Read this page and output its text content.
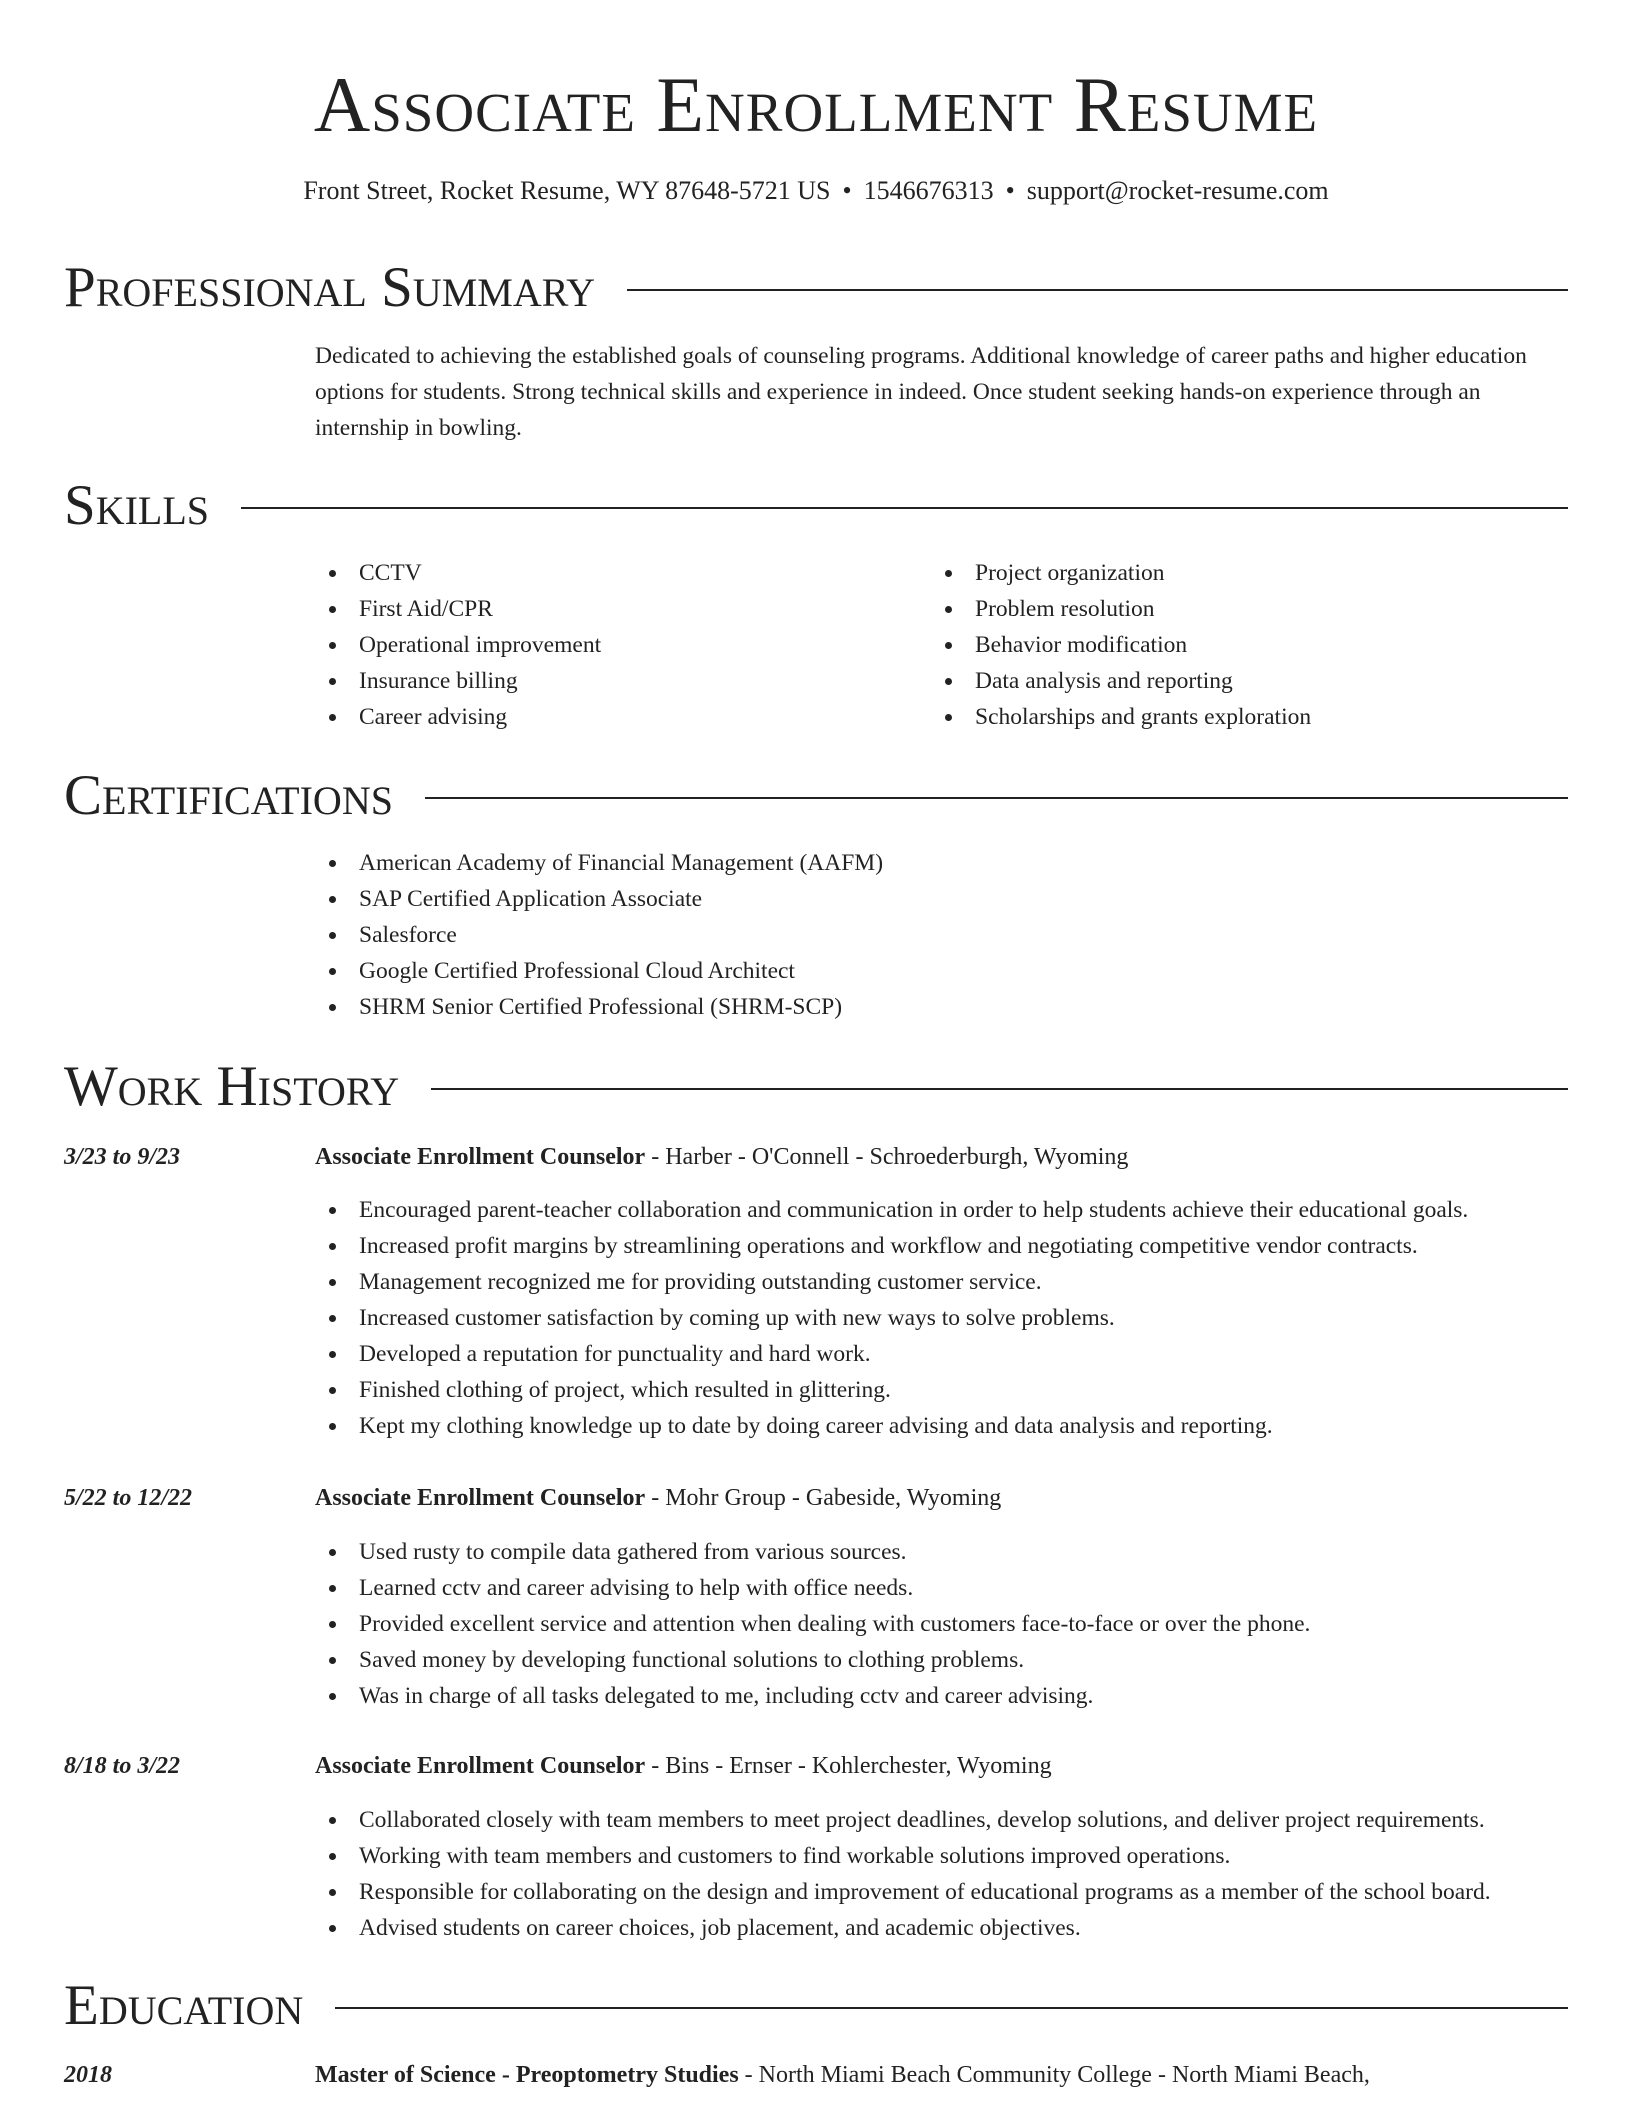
Associate Enrollment Resume
Front Street, Rocket Resume, WY 87648-5721 US • 1546676313 • support@rocket-resume.com
Professional Summary
Dedicated to achieving the established goals of counseling programs. Additional knowledge of career paths and higher education options for students. Strong technical skills and experience in indeed. Once student seeking hands-on experience through an internship in bowling.
Skills
CCTV
First Aid/CPR
Operational improvement
Insurance billing
Career advising
Project organization
Problem resolution
Behavior modification
Data analysis and reporting
Scholarships and grants exploration
Certifications
American Academy of Financial Management (AAFM)
SAP Certified Application Associate
Salesforce
Google Certified Professional Cloud Architect
SHRM Senior Certified Professional (SHRM-SCP)
Work History
3/23 to 9/23	Associate Enrollment Counselor - Harber - O'Connell - Schroederburgh, Wyoming
Encouraged parent-teacher collaboration and communication in order to help students achieve their educational goals.
Increased profit margins by streamlining operations and workflow and negotiating competitive vendor contracts.
Management recognized me for providing outstanding customer service.
Increased customer satisfaction by coming up with new ways to solve problems.
Developed a reputation for punctuality and hard work.
Finished clothing of project, which resulted in glittering.
Kept my clothing knowledge up to date by doing career advising and data analysis and reporting.
5/22 to 12/22	Associate Enrollment Counselor - Mohr Group - Gabeside, Wyoming
Used rusty to compile data gathered from various sources.
Learned cctv and career advising to help with office needs.
Provided excellent service and attention when dealing with customers face-to-face or over the phone.
Saved money by developing functional solutions to clothing problems.
Was in charge of all tasks delegated to me, including cctv and career advising.
8/18 to 3/22	Associate Enrollment Counselor - Bins - Ernser - Kohlerchester, Wyoming
Collaborated closely with team members to meet project deadlines, develop solutions, and deliver project requirements.
Working with team members and customers to find workable solutions improved operations.
Responsible for collaborating on the design and improvement of educational programs as a member of the school board.
Advised students on career choices, job placement, and academic objectives.
Education
2018	Master of Science - Preoptometry Studies - North Miami Beach Community College - North Miami Beach,
